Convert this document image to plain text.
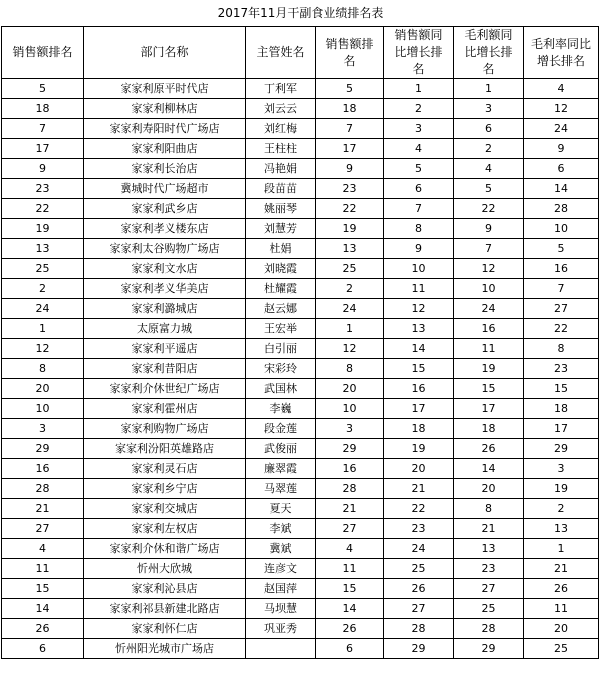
2017年11月干副食业绩排名表
销售额排名	部门名称	主管姓名	销售额排名	销售额同比增长排名	毛利额同比增长排名	毛利率同比增长排名

5	家家利原平时代店	丁利军	5	1	1	4
18	家家利柳林店	刘云云	18	2	3	12
7	家家利寿阳时代广场店	刘红梅	7	3	6	24
17	家家利阳曲店	王柱柱	17	4	2	9
9	家家利长治店	冯艳娟	9	5	4	6
23	冀城时代广场超市	段苗苗	23	6	5	14
22	家家利武乡店	姚丽琴	22	7	22	28
19	家家利孝义楼东店	刘慧芳	19	8	9	10
13	家家利太谷购物广场店	杜娟	13	9	7	5
25	家家利文水店	刘晓霞	25	10	12	16
2	家家利孝义华美店	杜耀霞	2	11	10	7
24	家家利潞城店	赵云娜	24	12	24	27
1	太原富力城	王宏举	1	13	16	22
12	家家利平遥店	白引丽	12	14	11	8
8	家家利昔阳店	宋彩玲	8	15	19	23
20	家家利介休世纪广场店	武国林	20	16	15	15
10	家家利霍州店	李巍	10	17	17	18
3	家家利购物广场店	段金莲	3	18	18	17
29	家家利汾阳英雄路店	武俊丽	29	19	26	29
16	家家利灵石店	廉翠霞	16	20	14	3
28	家家利乡宁店	马翠莲	28	21	20	19
21	家家利交城店	夏天	21	22	8	2
27	家家利左权店	李斌	27	23	21	13
4	家家利介休和谐广场店	冀斌	4	24	13	1
11	忻州大欣城	连彦文	11	25	23	21
15	家家利沁县店	赵国萍	15	26	27	26
14	家家利祁县新建北路店	马坝慧	14	27	25	11
26	家家利怀仁店	巩亚秀	26	28	28	20
6	忻州阳光城市广场店		6	29	29	25
